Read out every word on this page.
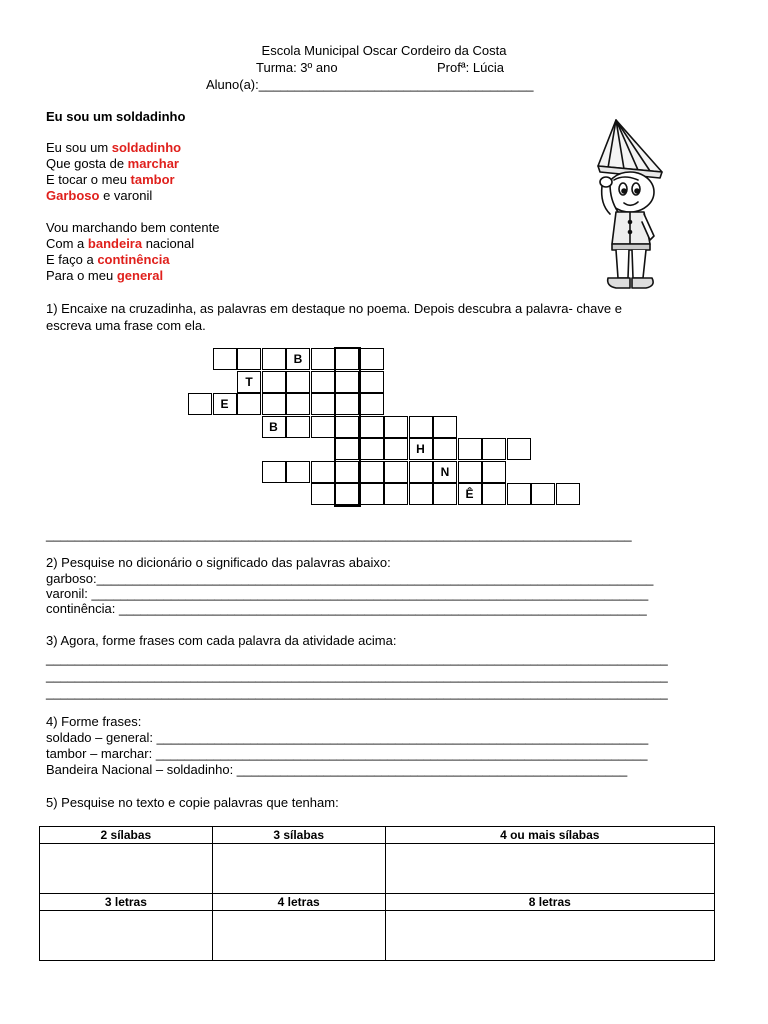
Escola Municipal Oscar Cordeiro da Costa
Turma: 3º ano	Profª: Lúcia
Aluno(a):______________________________________
Eu sou um soldadinho
Eu sou um soldadinho
Que gosta de marchar
E tocar o meu tambor
Garboso e varonil
Vou marchando bem contente
Com a bandeira nacional
E faço a continência
Para o meu general
1) Encaixe na cruzadinha, as palavras em destaque no poema. Depois descubra a palavra- chave e
escreva uma frase com ela.
B
T
E
B
H
N
Ê
_________________________________________________________________________________
2) Pesquise no dicionário o significado das palavras abaixo:
garboso:_____________________________________________________________________________
varonil: _____________________________________________________________________________
continência: _________________________________________________________________________
3) Agora, forme frases com cada palavra da atividade acima:
______________________________________________________________________________________
______________________________________________________________________________________
______________________________________________________________________________________
4) Forme frases:
soldado – general: ____________________________________________________________________
tambor – marchar: ____________________________________________________________________
Bandeira Nacional – soldadinho: ______________________________________________________
5) Pesquise no texto e copie palavras que tenham:
2 sílabas	3 sílabas	4 ou mais sílabas

3 letras	4 letras	8 letras
